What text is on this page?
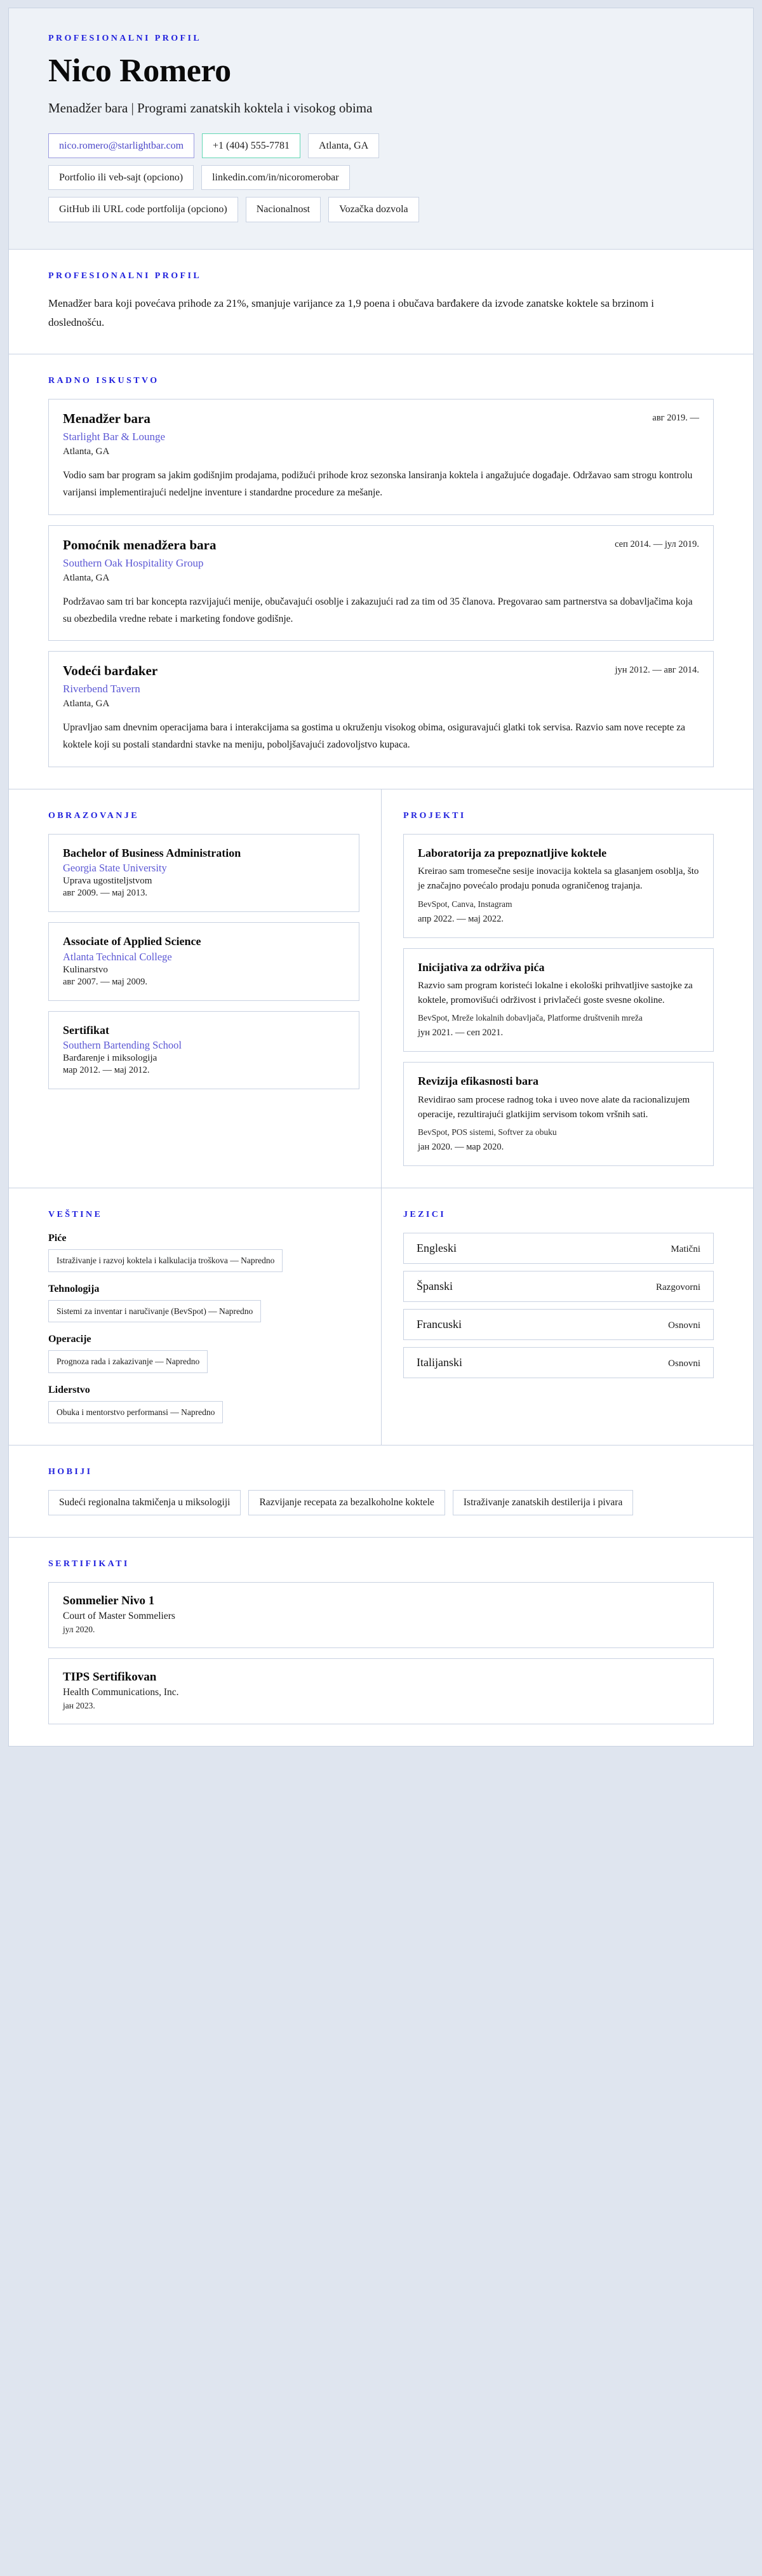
PROFESIONALNI PROFIL
Nico Romero
Menadžer bara | Programi zanatskih koktela i visokog obima
nico.romero@starlightbar.com	+1 (404) 555-7781	Atlanta, GA
Portfolio ili veb-sajt (opciono)	linkedin.com/in/nicoromerobar
GitHub ili URL code portfolija (opciono)	Nacionalnost	Vozačka dozvola
PROFESIONALNI PROFIL

Menadžer bara koji povećava prihode za 21%, smanjuje varijance za 1,9 poena i obučava barđakere da izvode zanatske koktele sa brzinom i doslednošću.

RADNO ISKUSTVO
Menadžer bara	авг 2019. —
Starlight Bar & Lounge
Atlanta, GA

Vodio sam bar program sa jakim godišnjim prodajama, podižući prihode kroz sezonska lansiranja koktela i angažujuće događaje. Održavao sam strogu kontrolu varijansi implementirajući nedeljne inventure i standardne procedure za mešanje.

Pomoćnik menadžera bara	сеп 2014. — јул 2019.
Southern Oak Hospitality Group
Atlanta, GA

Podržavao sam tri bar koncepta razvijajući menije, obučavajući osoblje i zakazujući rad za tim od 35 članova. Pregovarao sam partnerstva sa dobavljačima koja su obezbedila vredne rebate i marketing fondove godišnje.

Vodeći barđaker	јун 2012. — авг 2014.
Riverbend Tavern
Atlanta, GA

Upravljao sam dnevnim operacijama bara i interakcijama sa gostima u okruženju visokog obima, osiguravajući glatki tok servisa. Razvio sam nove recepte za koktele koji su postali standardni stavke na meniju, poboljšavajući zadovoljstvo kupaca.

OBRAZOVANJE
Bachelor of Business Administration
Georgia State University
Uprava ugostiteljstvom
авг 2009. — мај 2013.
Associate of Applied Science
Atlanta Technical College
Kulinarstvo
авг 2007. — мај 2009.
Sertifikat
Southern Bartending School
Barđarenje i miksologija
мар 2012. — мај 2012.
PROJEKTI
Laboratorija za prepoznatljive koktele

Kreirao sam tromesečne sesije inovacija koktela sa glasanjem osoblja, što je značajno povećalo prodaju ponuda ograničenog trajanja.

BevSpot, Canva, Instagram
апр 2022. — мај 2022.
Inicijativa za održiva pića

Razvio sam program koristeći lokalne i ekološki prihvatljive sastojke za koktele, promovišući održivost i privlačeći goste svesne okoline.

BevSpot, Mreže lokalnih dobavljača, Platforme društvenih mreža
јун 2021. — сеп 2021.
Revizija efikasnosti bara

Revidirao sam procese radnog toka i uveo nove alate da racionalizujem operacije, rezultirajući glatkijim servisom tokom vršnih sati.

BevSpot, POS sistemi, Softver za obuku
јан 2020. — мар 2020.
VEŠTINE
Piće
Istraživanje i razvoj koktela i kalkulacija troškova — Napredno
Tehnologija
Sistemi za inventar i naručivanje (BevSpot) — Napredno
Operacije
Prognoza rada i zakazivanje — Napredno
Liderstvo
Obuka i mentorstvo performansi — Napredno
JEZICI
Engleski	Matični
Španski	Razgovorni
Francuski	Osnovni
Italijanski	Osnovni
HOBIJI
Sudeći regionalna takmičenja u miksologiji	Razvijanje recepata za bezalkoholne koktele	Istraživanje zanatskih destilerija i pivara
SERTIFIKATI
Sommelier Nivo 1
Court of Master Sommeliers
јул 2020.
TIPS Sertifikovan
Health Communications, Inc.
јан 2023.
